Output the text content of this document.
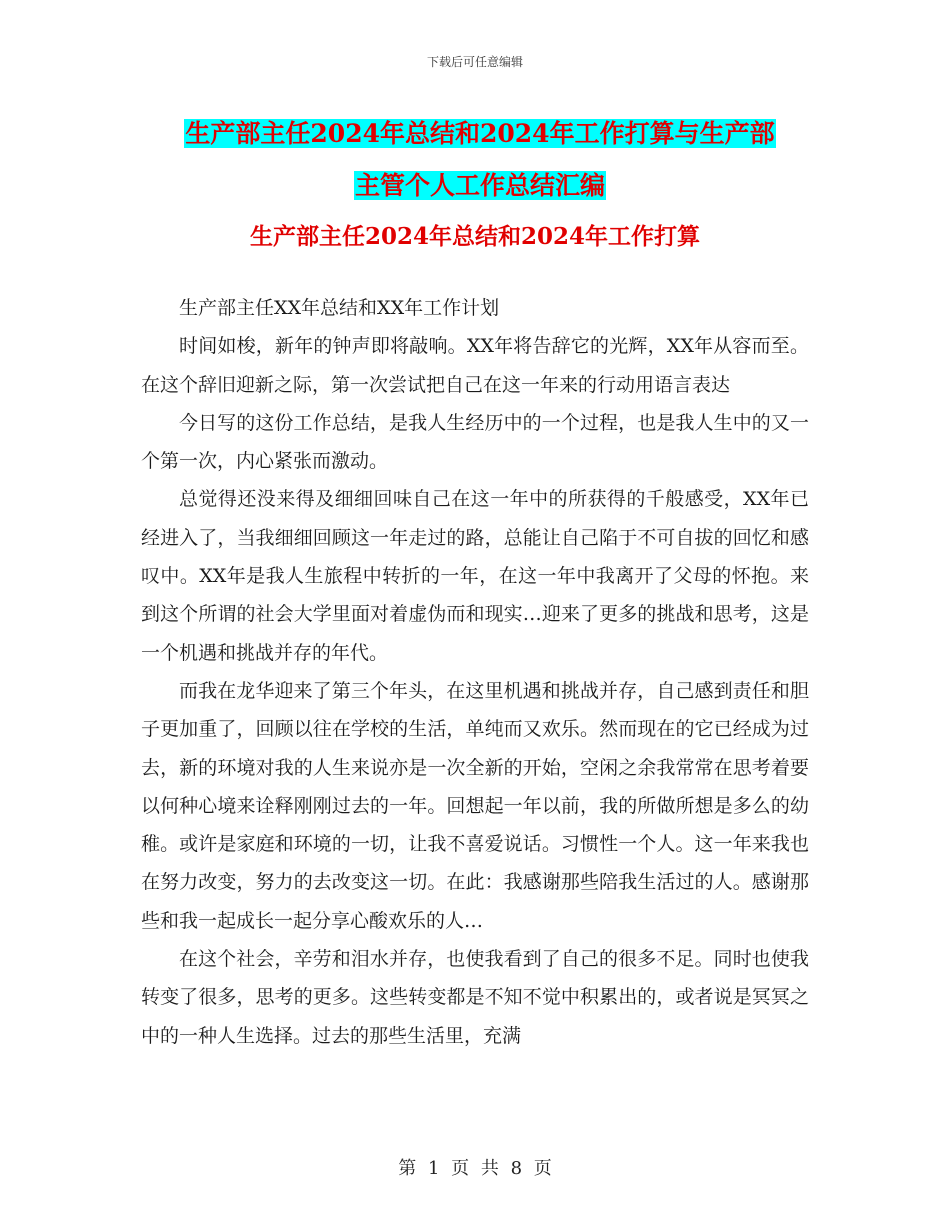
下载后可任意编辑
生产部主任2024年总结和2024年工作打算与生产部
主管个人工作总结汇编
生产部主任2024年总结和2024年工作打算

生产部主任XX年总结和XX年工作计划

时间如梭，新年的钟声即将敲响。XX年将告辞它的光辉，XX年从容而至。在这个辞旧迎新之际，第一次尝试把自己在这一年来的行动用语言表达

今日写的这份工作总结，是我人生经历中的一个过程，也是我人生中的又一个第一次，内心紧张而激动。

总觉得还没来得及细细回味自己在这一年中的所获得的千般感受，XX年已经进入了，当我细细回顾这一年走过的路，总能让自己陷于不可自拔的回忆和感叹中。XX年是我人生旅程中转折的一年，在这一年中我离开了父母的怀抱。来到这个所谓的社会大学里面对着虚伪而和现实…迎来了更多的挑战和思考，这是一个机遇和挑战并存的年代。

而我在龙华迎来了第三个年头，在这里机遇和挑战并存，自己感到责任和胆子更加重了，回顾以往在学校的生活，单纯而又欢乐。然而现在的它已经成为过去，新的环境对我的人生来说亦是一次全新的开始，空闲之余我常常在思考着要以何种心境来诠释刚刚过去的一年。回想起一年以前，我的所做所想是多么的幼稚。或许是家庭和环境的一切，让我不喜爱说话。习惯性一个人。这一年来我也在努力改变，努力的去改变这一切。在此：我感谢那些陪我生活过的人。感谢那些和我一起成长一起分享心酸欢乐的人…

在这个社会，辛劳和泪水并存，也使我看到了自己的很多不足。同时也使我转变了很多，思考的更多。这些转变都是不知不觉中积累出的，或者说是冥冥之中的一种人生选择。过去的那些生活里，充满

第 1 页 共 8 页
